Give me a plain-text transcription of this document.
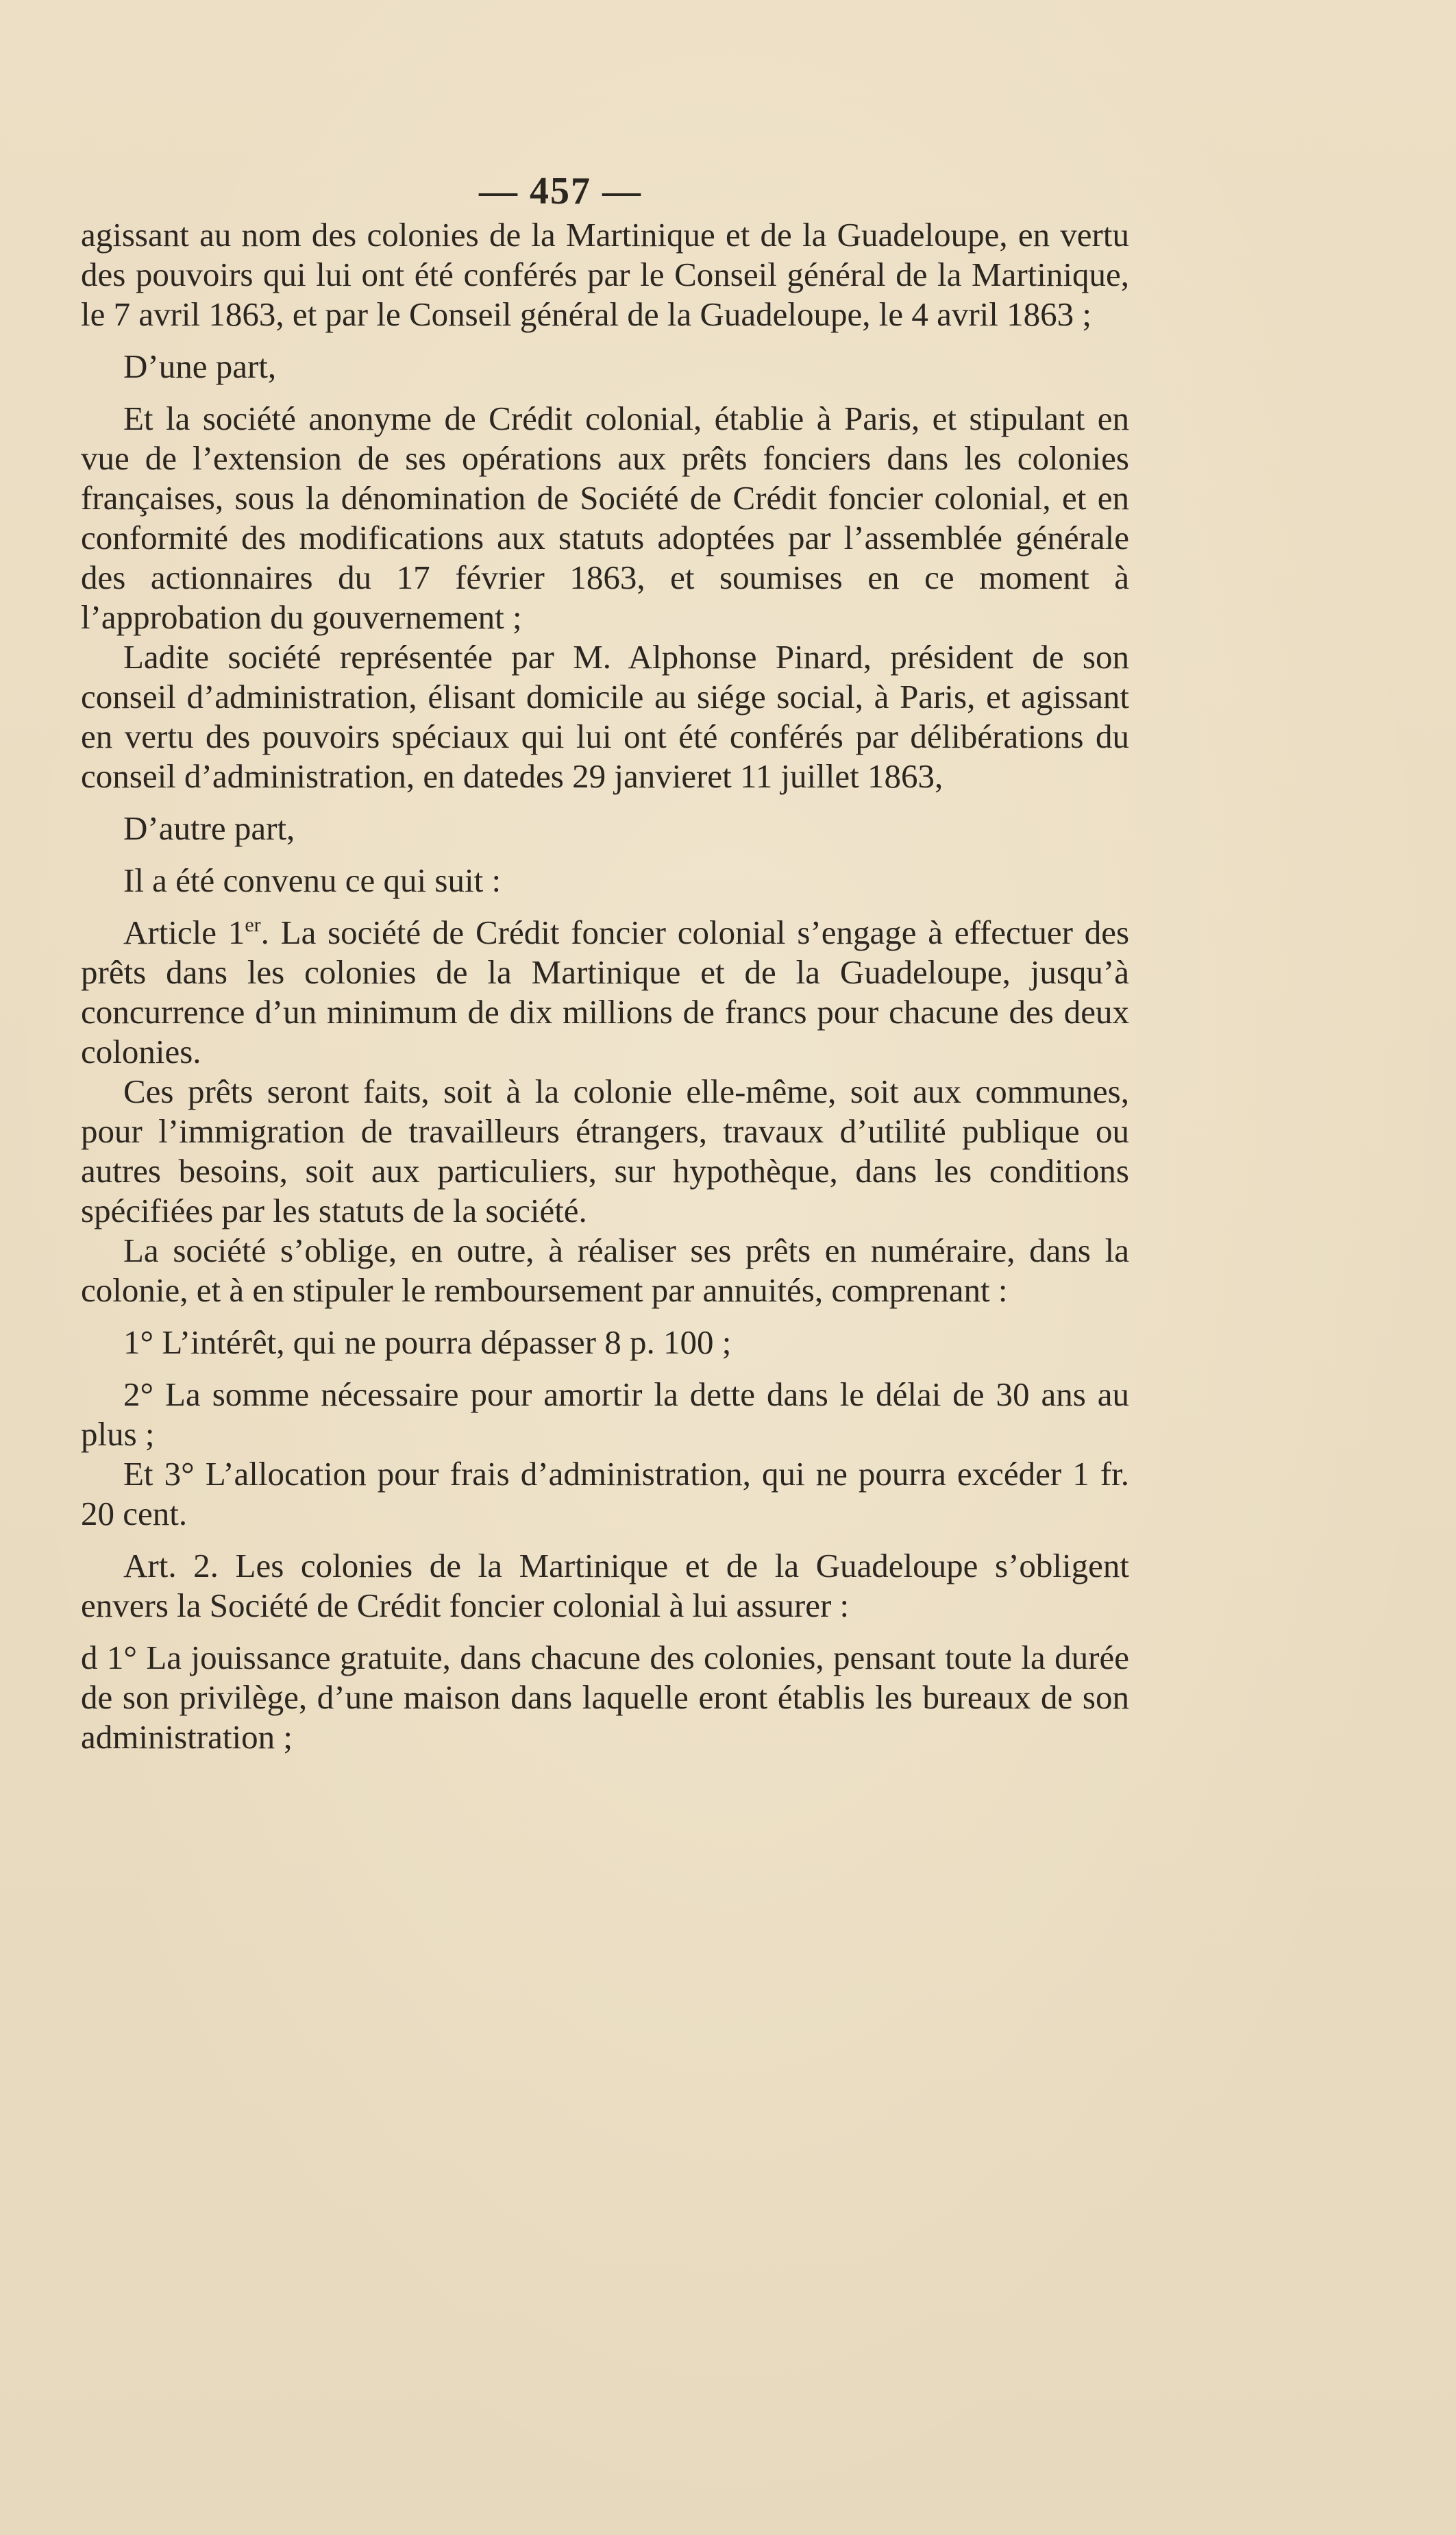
— 457 —

agissant au nom des colonies de la Martinique et de la Guadeloupe, en vertu des pouvoirs qui lui ont été conférés par le Conseil général de la Martinique, le 7 avril 1863, et par le Conseil général de la Guadeloupe, le 4 avril 1863 ;

D’une part,

Et la société anonyme de Crédit colonial, établie à Paris, et stipulant en vue de l’extension de ses opérations aux prêts fonciers dans les colonies françaises, sous la dénomination de Société de Crédit foncier colonial, et en conformité des modifications aux statuts adoptées par l’assemblée générale des actionnaires du 17 février 1863, et soumises en ce moment à l’approbation du gouvernement ;

Ladite société représentée par M. Alphonse Pinard, président de son conseil d’administration, élisant domicile au siége social, à Paris, et agissant en vertu des pouvoirs spéciaux qui lui ont été conférés par délibérations du conseil d’administration, en datedes 29 janvieret 11 juillet 1863,

D’autre part,

Il a été convenu ce qui suit :

Article 1er. La société de Crédit foncier colonial s’engage à effectuer des prêts dans les colonies de la Martinique et de la Guadeloupe, jusqu’à concurrence d’un minimum de dix millions de francs pour chacune des deux colonies.

Ces prêts seront faits, soit à la colonie elle-même, soit aux communes, pour l’immigration de travailleurs étrangers, travaux d’utilité publique ou autres besoins, soit aux particuliers, sur hypothèque, dans les conditions spécifiées par les statuts de la société.

La société s’oblige, en outre, à réaliser ses prêts en numéraire, dans la colonie, et à en stipuler le remboursement par annuités, comprenant :

1° L’intérêt, qui ne pourra dépasser 8 p. 100 ;

2° La somme nécessaire pour amortir la dette dans le délai de 30 ans au plus ;

Et 3° L’allocation pour frais d’administration, qui ne pourra excéder 1 fr. 20 cent.

Art. 2. Les colonies de la Martinique et de la Guadeloupe s’obligent envers la Société de Crédit foncier colonial à lui assurer :

d 1° La jouissance gratuite, dans chacune des colonies, pensant toute la durée de son privilège, d’une maison dans laquelle eront établis les bureaux de son administration ;
